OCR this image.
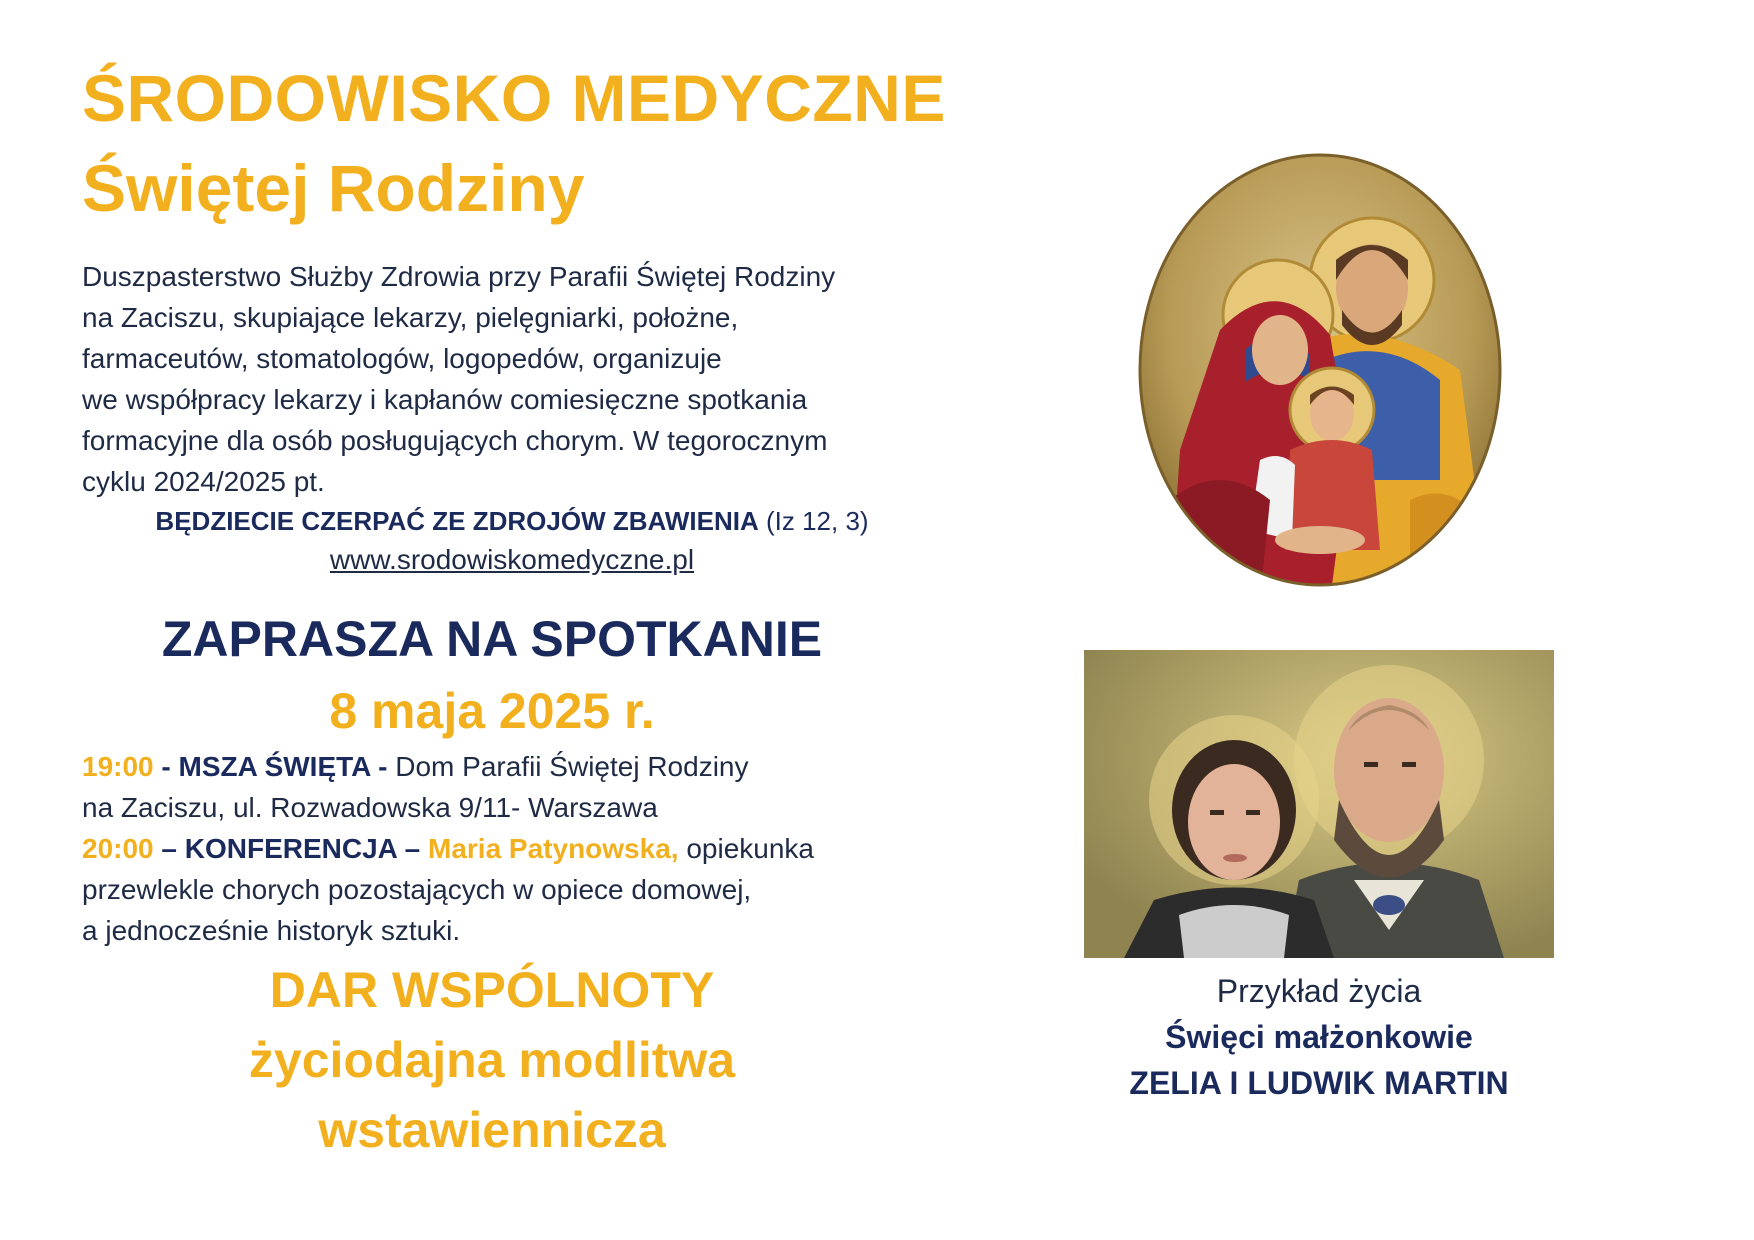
ŚRODOWISKO MEDYCZNE
Świętej Rodziny
Duszpasterstwo Służby Zdrowia przy Parafii Świętej Rodziny
na Zaciszu, skupiające lekarzy, pielęgniarki, położne,
farmaceutów, stomatologów, logopedów, organizuje
we współpracy lekarzy i kapłanów comiesięczne spotkania
formacyjne dla osób posługujących chorym. W tegorocznym
cyklu 2024/2025 pt.
BĘDZIECIE CZERPAĆ ZE ZDROJÓW ZBAWIENIA (Iz 12, 3)
www.srodowiskomedyczne.pl
ZAPRASZA NA SPOTKANIE
8 maja 2025 r.
19:00 - MSZA ŚWIĘTA - Dom Parafii Świętej Rodziny
na Zaciszu, ul. Rozwadowska 9/11- Warszawa
20:00 – KONFERENCJA – Maria Patynowska, opiekunka
przewlekle chorych pozostających w opiece domowej,
a jednocześnie historyk sztuki.
DAR WSPÓLNOTY
życiodajna modlitwa
wstawiennicza
Przykład życia
Święci małżonkowie
ZELIA I LUDWIK MARTIN
